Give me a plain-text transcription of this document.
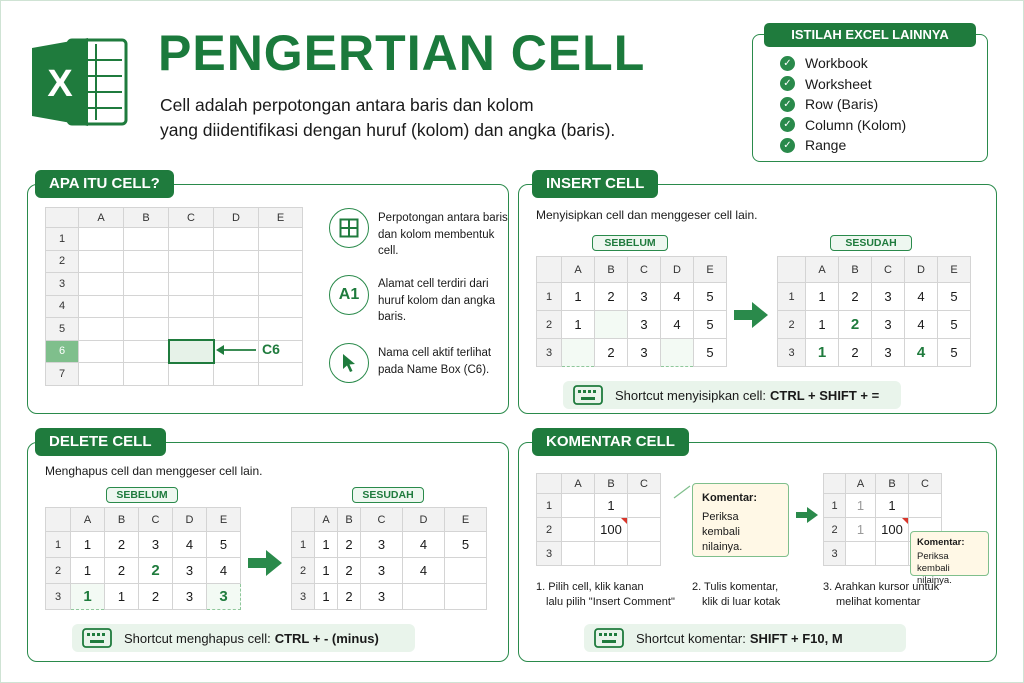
X
PENGERTIAN CELL
Cell adalah perpotongan antara baris dan kolom
yang diidentifikasi dengan huruf (kolom) dan angka (baris).
ISTILAH EXCEL LAINNYA
✓ Workbook
✓ Worksheet
✓ Row (Baris)
✓ Column (Kolom)
✓ Range
APA ITU CELL?
	A	B	C	D	E
1					
2					
3					
4					
5					
6					
7					
C6
Perpotongan antara baris dan kolom membentuk cell.
A1
Alamat cell terdiri dari huruf kolom dan angka baris.
Nama cell aktif terlihat pada Name Box (C6).
INSERT CELL
Menyisipkan cell dan menggeser cell lain.
SEBELUM
	A	B	C	D	E
1	1	2	3	4	5
2	1		3	4	5
3		2	3		5
SESUDAH
	A	B	C	D	E
1	1	2	3	4	5
2	1	2	3	4	5
3	1	2	3	4	5
Shortcut menyisipkan cell: CTRL + SHIFT + =
DELETE CELL
Menghapus cell dan menggeser cell lain.
SEBELUM
	A	B	C	D	E
1	1	2	3	4	5
2	1	2	2	3	4
3	1	1	2	3	3
SESUDAH
	A	B	C	D	E
1	1	2	3	4	5
2	1	2	3	4	
3	1	2	3		
Shortcut menghapus cell: CTRL + - (minus)
KOMENTAR CELL
	A	B	C
1		1	
2		100	
3			
Komentar:
Periksa kembali nilainya.
	A	B	C
1	1	1	
2	1	100	
3			
Komentar:
Periksa kembali nilainya.
1. Pilih cell, klik kanan
lalu pilih "Insert Comment"
2. Tulis komentar,
klik di luar kotak
3. Arahkan kursor untuk
melihat komentar
Shortcut komentar: SHIFT + F10, M
